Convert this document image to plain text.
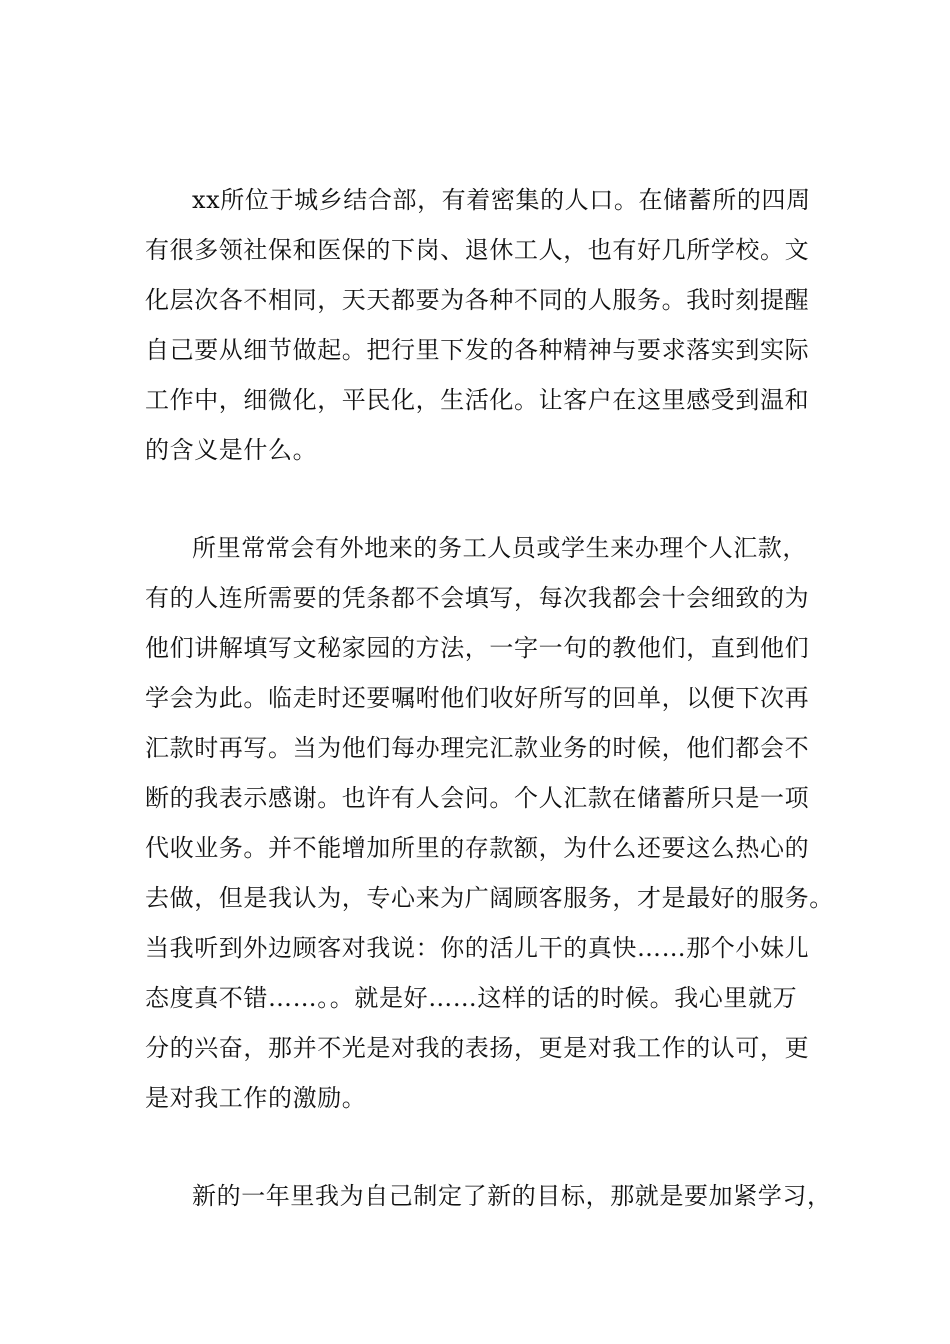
xx所位于城乡结合部，有着密集的人口。在储蓄所的四周

有很多领社保和医保的下岗、退休工人，也有好几所学校。文

化层次各不相同，天天都要为各种不同的人服务。我时刻提醒

自己要从细节做起。把行里下发的各种精神与要求落实到实际

工作中，细微化，平民化，生活化。让客户在这里感受到温和

的含义是什么。

所里常常会有外地来的务工人员或学生来办理个人汇款，

有的人连所需要的凭条都不会填写，每次我都会十会细致的为

他们讲解填写文秘家园的方法，一字一句的教他们，直到他们

学会为此。临走时还要嘱咐他们收好所写的回单，以便下次再

汇款时再写。当为他们每办理完汇款业务的时候，他们都会不

断的我表示感谢。也许有人会问。个人汇款在储蓄所只是一项

代收业务。并不能增加所里的存款额，为什么还要这么热心的

去做，但是我认为，专心来为广阔顾客服务，才是最好的服务。

当我听到外边顾客对我说：你的活儿干的真快……那个小妹儿

态度真不错……。。就是好……这样的话的时候。我心里就万

分的兴奋，那并不光是对我的表扬，更是对我工作的认可，更

是对我工作的激励。

新的一年里我为自己制定了新的目标，那就是要加紧学习，
